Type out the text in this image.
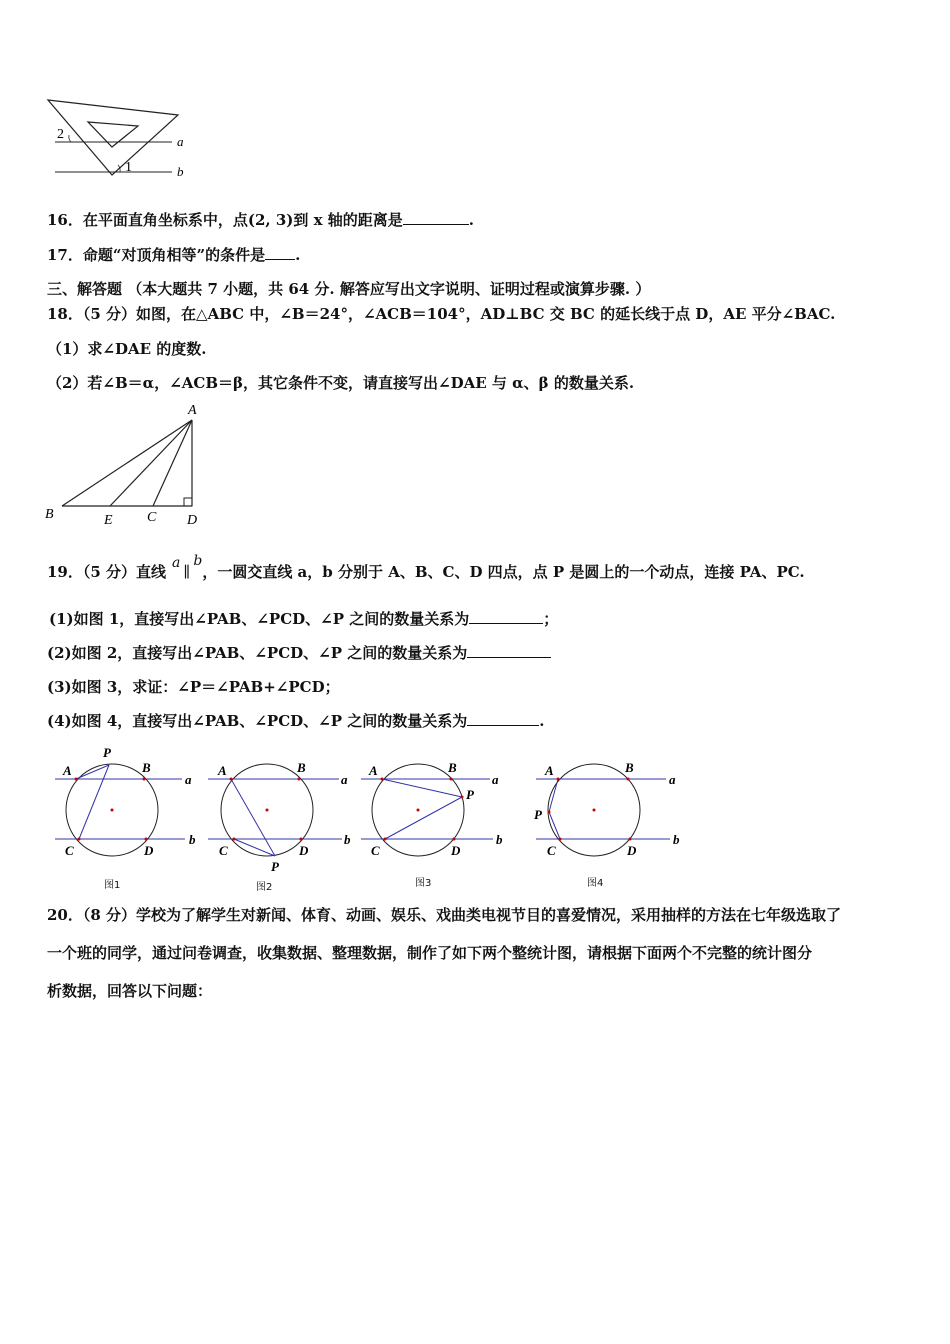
2
1
a
b
16．在平面直角坐标系中，点(2, 3)到 x 轴的距离是	.
17．命题“对顶角相等”的条件是 .
三、解答题 （本大题共 7 小题，共 64 分. 解答应写出文字说明、证明过程或演算步骤. ）
18．（5 分）如图，在△ABC 中，∠B＝24°，∠ACB＝104°，AD⊥BC 交 BC 的延长线于点 D，AE 平分∠BAC.
（1）求∠DAE 的度数.
（2）若∠B＝α，∠ACB＝β，其它条件不变，请直接写出∠DAE 与 α、β 的数量关系.
A
B	E C D
19．（5 分）直线 a ∥b，一圆交直线 a，b 分别于 A、B、C、D 四点，点 P 是圆上的一个动点，连接 PA、PC.
(1)如图 1，直接写出∠PAB、∠PCD、∠P 之间的数量关系为	；
(2)如图 2，直接写出∠PAB、∠PCD、∠P 之间的数量关系为
(3)如图 3，求证：∠P＝∠PAB+∠PCD；
(4)如图 4，直接写出∠PAB、∠PCD、∠P 之间的数量关系为	.
A	B
P
C	D
a
b
A	B
P
C	D
a
b
A	B
P
C	D
a
b
A	B
P
C	D
a
b
图1	图2	图3	图4
20．（8 分）学校为了解学生对新闻、体育、动画、娱乐、戏曲类电视节目的喜爱情况，采用抽样的方法在七年级选取了
一个班的同学，通过问卷调查，收集数据、整理数据，制作了如下两个整统计图，请根据下面两个不完整的统计图分
析数据，回答以下问题：
